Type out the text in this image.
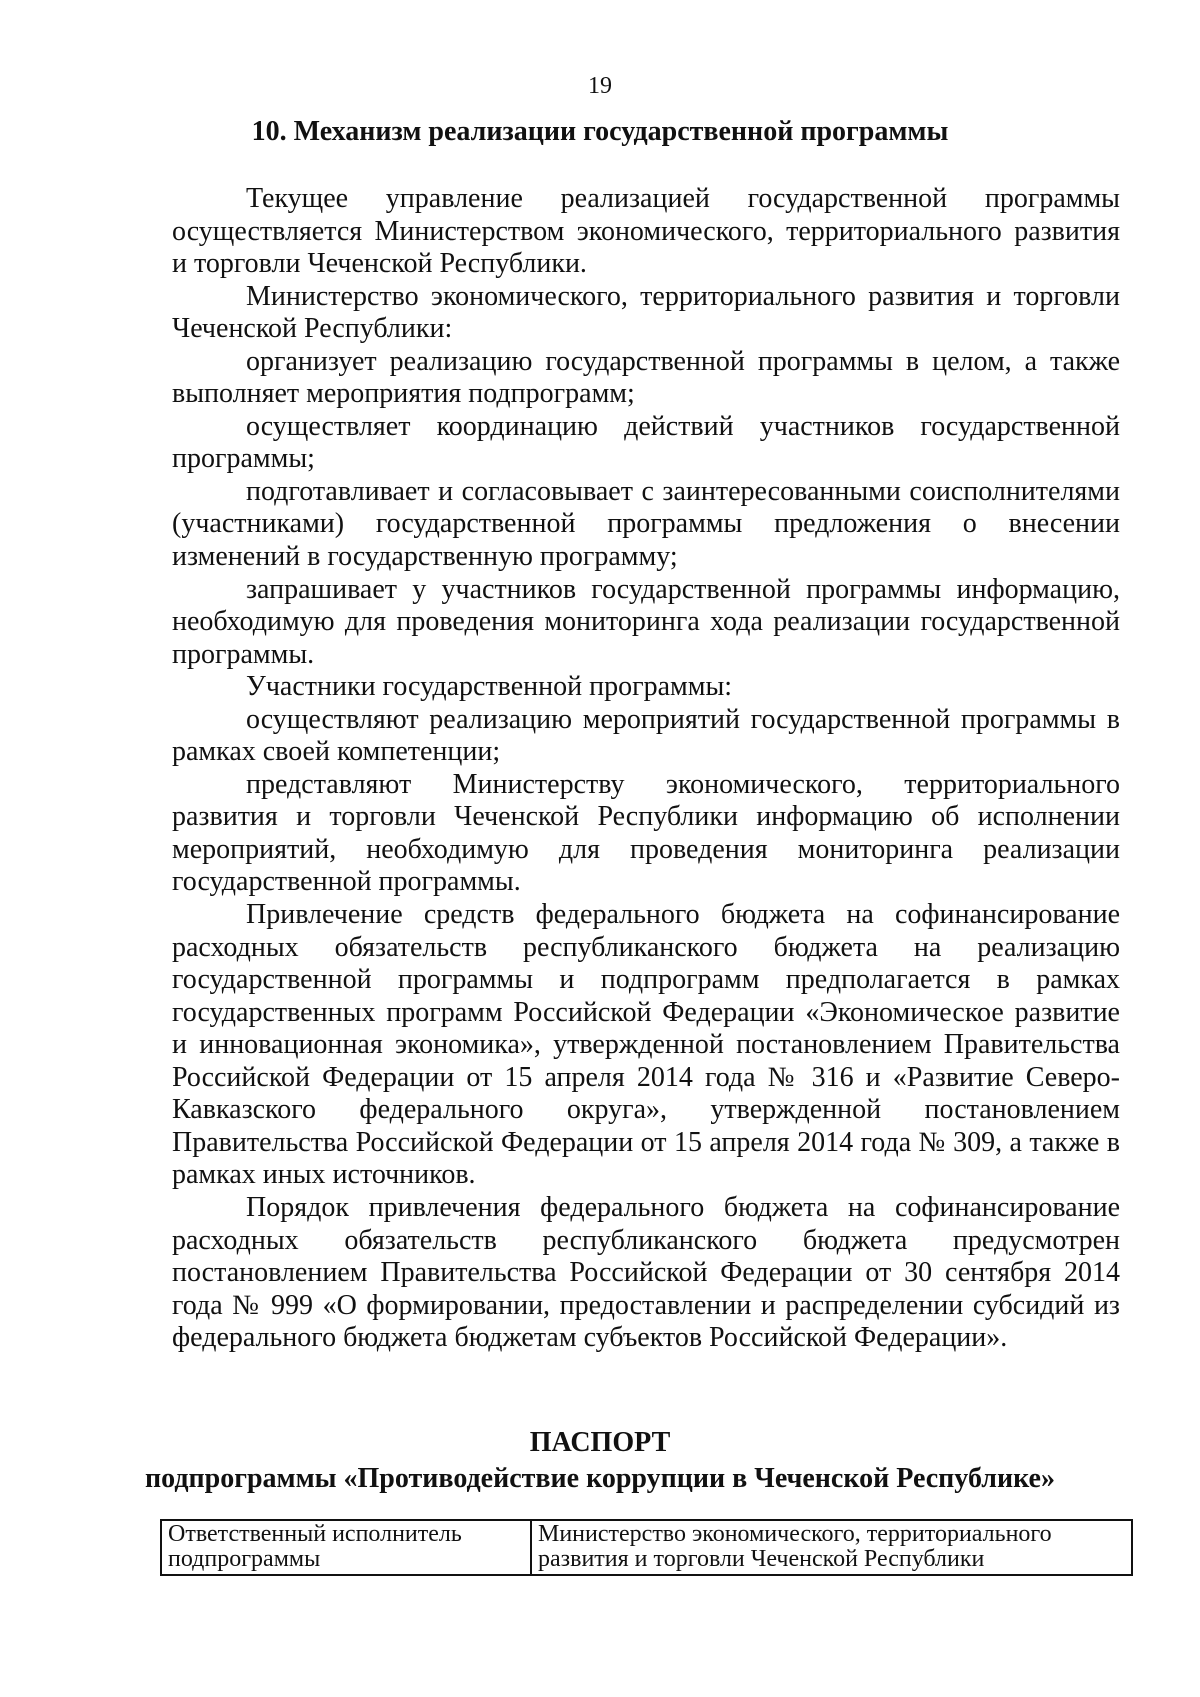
19
10. Механизм реализации государственной программы

Текущее управление реализацией государственной программы осуществляется Министерством экономического, территориального развития и торговли Чеченской Республики.

Министерство экономического, территориального развития и торговли Чеченской Республики:

организует реализацию государственной программы в целом, а также выполняет мероприятия подпрограмм;

осуществляет координацию действий участников государственной программы;

подготавливает и согласовывает с заинтересованными соисполнителями (участниками) государственной программы предложения о внесении изменений в государственную программу;

запрашивает у участников государственной программы информацию, необходимую для проведения мониторинга хода реализации государственной программы.

Участники государственной программы:

осуществляют реализацию мероприятий государственной программы в рамках своей компетенции;

представляют Министерству экономического, территориального развития и торговли Чеченской Республики информацию об исполнении мероприятий, необходимую для проведения мониторинга реализации государственной программы.

Привлечение средств федерального бюджета на софинансирование расходных обязательств республиканского бюджета на реализацию государственной программы и подпрограмм предполагается в рамках государственных программ Российской Федерации «Экономическое развитие и инновационная экономика», утвержденной постановлением Правительства Российской Федерации от 15 апреля 2014 года № 316 и «Развитие Северо-Кавказского федерального округа», утвержденной постановлением Правительства Российской Федерации от 15 апреля 2014 года № 309, а также в рамках иных источников.

Порядок привлечения федерального бюджета на софинансирование расходных обязательств республиканского бюджета предусмотрен постановлением Правительства Российской Федерации от 30 сентября 2014 года № 999 «О формировании, предоставлении и распределении субсидий из федерального бюджета бюджетам субъектов Российской Федерации».

ПАСПОРТ
подпрограммы «Противодействие коррупции в Чеченской Республике»
Ответственный исполнитель подпрограммы	Министерство экономического, территориального развития и торговли Чеченской Республики
